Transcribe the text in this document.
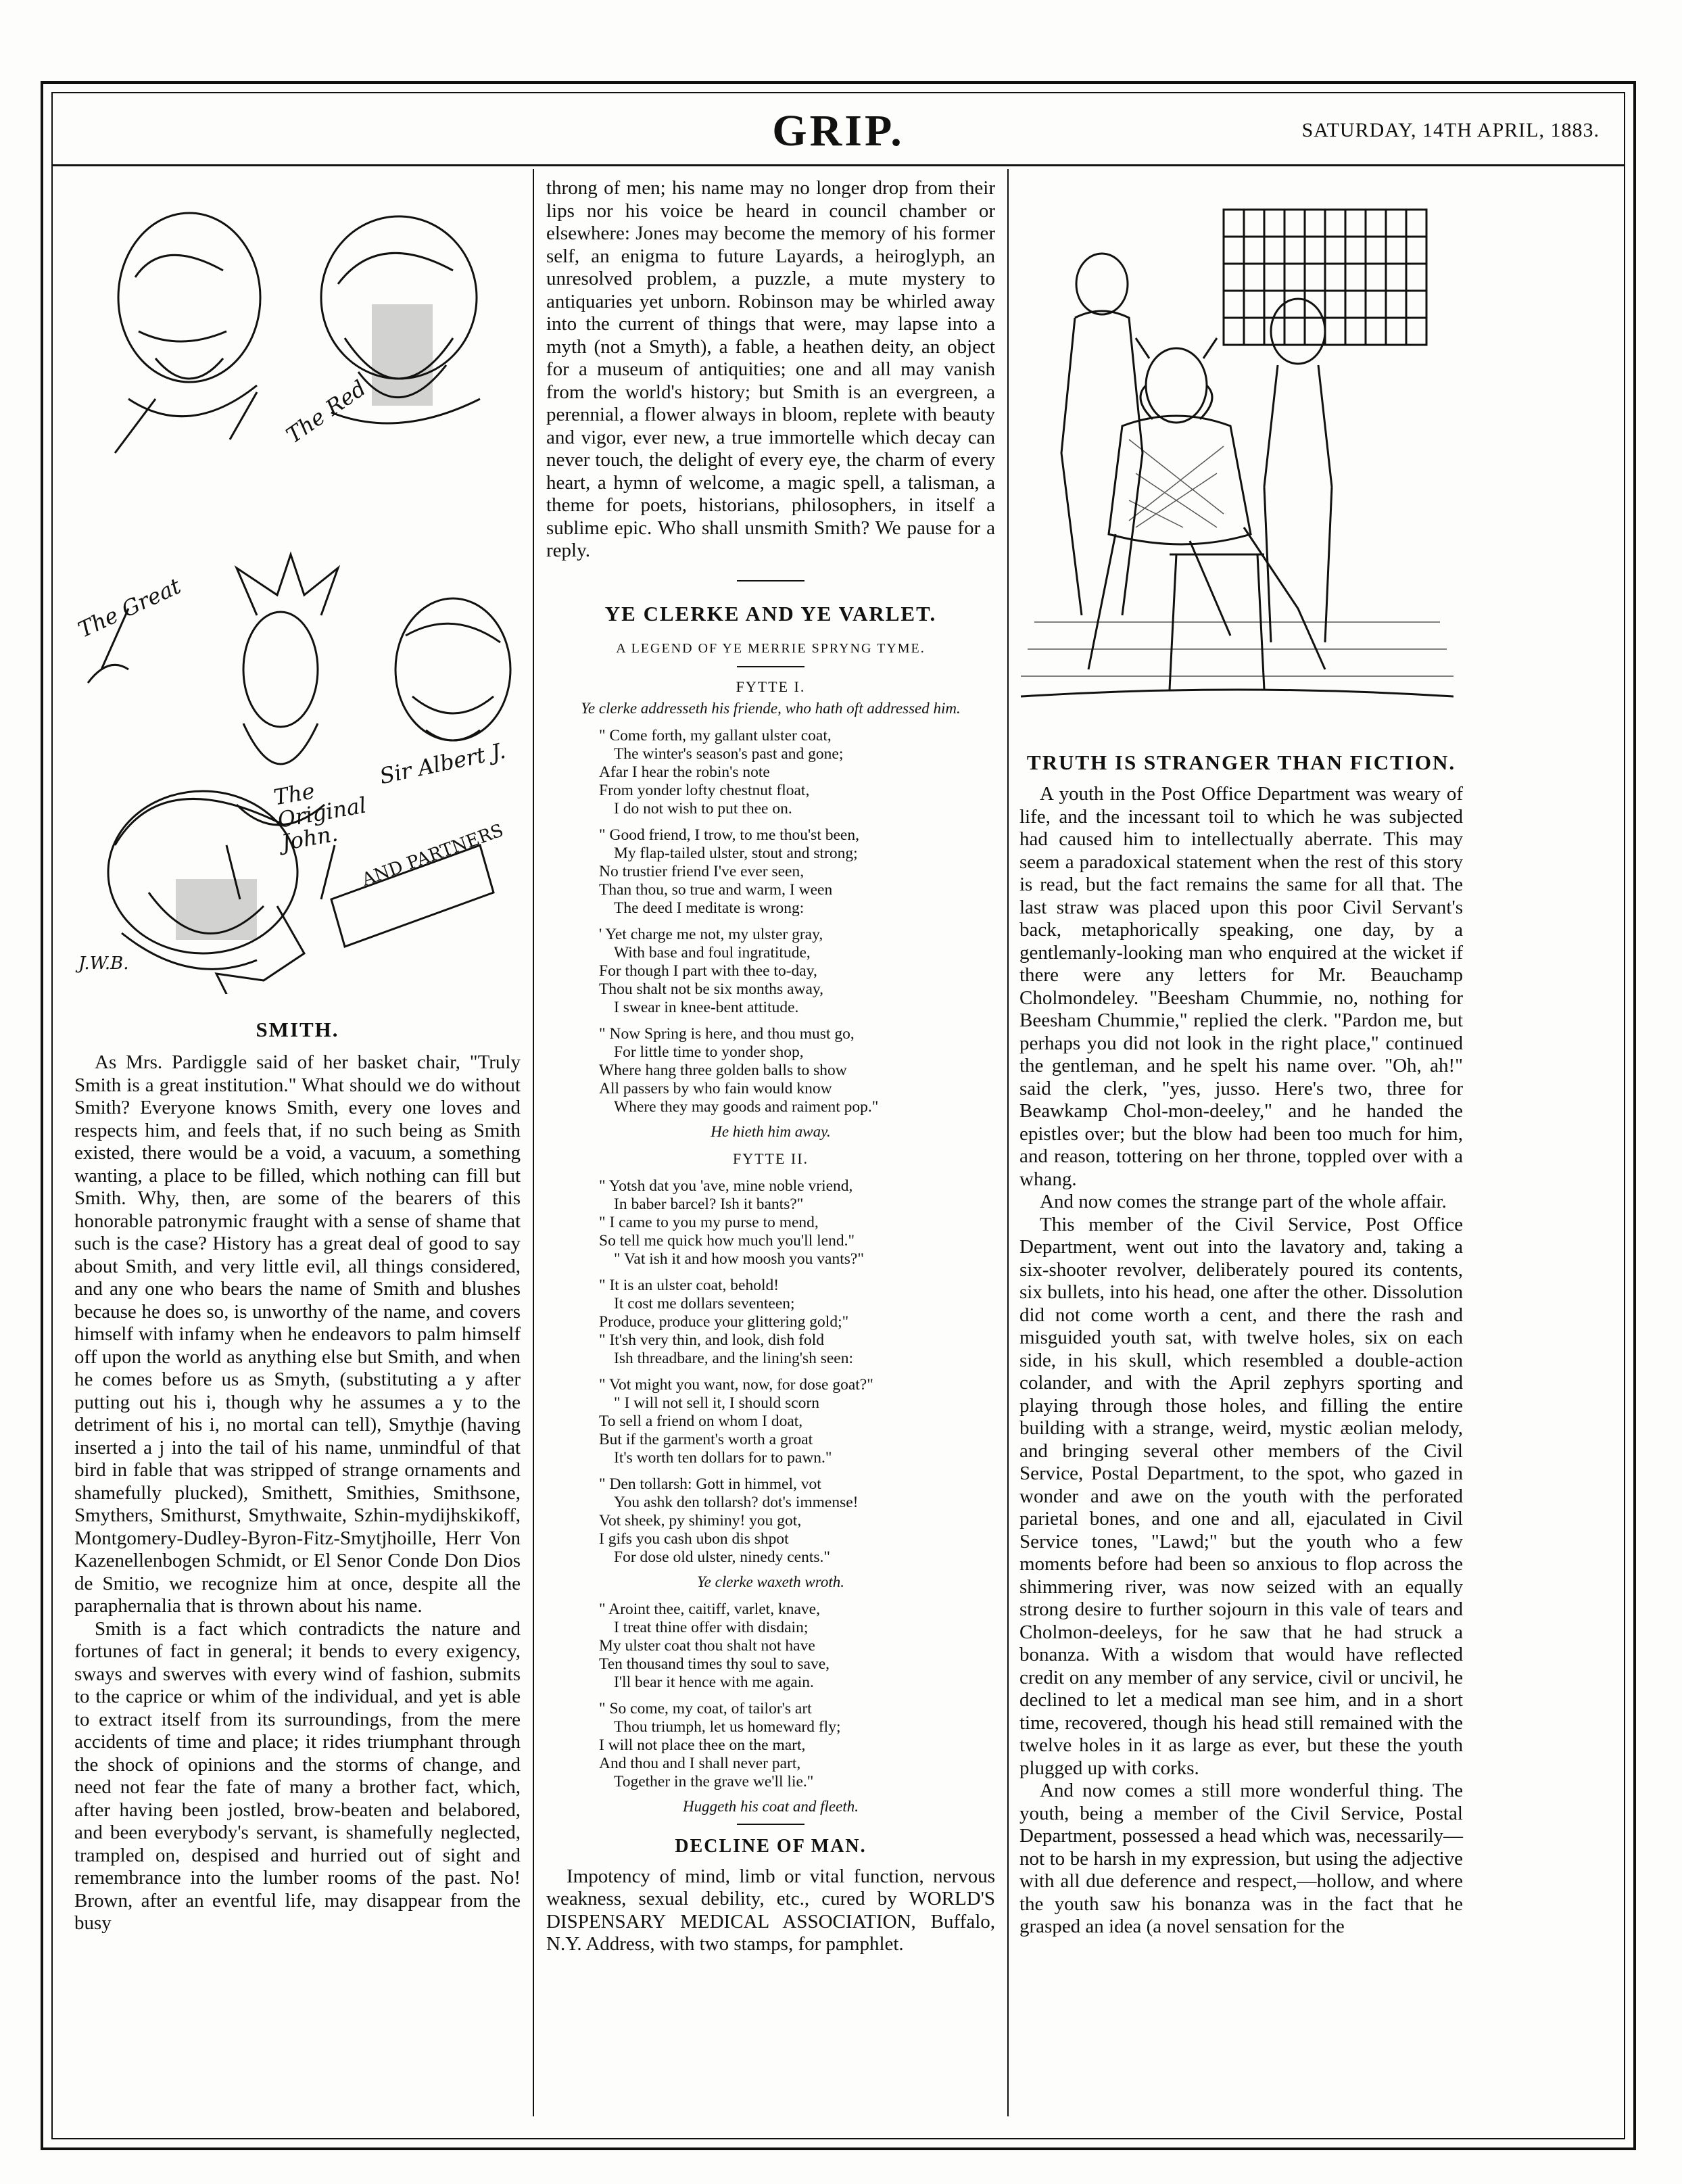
GRIP.	SATURDAY, 14TH APRIL, 1883.
The Red
The Great
The Original John.
Sir Albert J.
AND PARTNERS
J.W.B.
SMITH.

As Mrs. Pardiggle said of her basket chair, "Truly Smith is a great institution." What should we do without Smith? Everyone knows Smith, every one loves and respects him, and feels that, if no such being as Smith existed, there would be a void, a vacuum, a something wanting, a place to be filled, which nothing can fill but Smith. Why, then, are some of the bearers of this honorable patronymic fraught with a sense of shame that such is the case? History has a great deal of good to say about Smith, and very little evil, all things considered, and any one who bears the name of Smith and blushes because he does so, is unworthy of the name, and covers himself with infamy when he endeavors to palm himself off upon the world as anything else but Smith, and when he comes before us as Smyth, (substituting a y after putting out his i, though why he assumes a y to the detriment of his i, no mortal can tell), Smythje (having inserted a j into the tail of his name, unmindful of that bird in fable that was stripped of strange ornaments and shamefully plucked), Smithett, Smithies, Smithsone, Smythers, Smithurst, Smythwaite, Szhin-mydijhskikoff, Montgomery-Dudley-Byron-Fitz-Smytjhoille, Herr Von Kazenellenbogen Schmidt, or El Senor Conde Don Dios de Smitio, we recognize him at once, despite all the paraphernalia that is thrown about his name.

Smith is a fact which contradicts the nature and fortunes of fact in general; it bends to every exigency, sways and swerves with every wind of fashion, submits to the caprice or whim of the individual, and yet is able to extract itself from its surroundings, from the mere accidents of time and place; it rides triumphant through the shock of opinions and the storms of change, and need not fear the fate of many a brother fact, which, after having been jostled, brow-beaten and belabored, and been everybody's servant, is shamefully neglected, trampled on, despised and hurried out of sight and remembrance into the lumber rooms of the past. No! Brown, after an eventful life, may disappear from the busy

throng of men; his name may no longer drop from their lips nor his voice be heard in council chamber or elsewhere: Jones may become the memory of his former self, an enigma to future Layards, a heiroglyph, an unresolved problem, a puzzle, a mute mystery to antiquaries yet unborn. Robinson may be whirled away into the current of things that were, may lapse into a myth (not a Smyth), a fable, a heathen deity, an object for a museum of antiquities; one and all may vanish from the world's history; but Smith is an evergreen, a perennial, a flower always in bloom, replete with beauty and vigor, ever new, a true immortelle which decay can never touch, the delight of every eye, the charm of every heart, a hymn of welcome, a magic spell, a talisman, a theme for poets, historians, philosophers, in itself a sublime epic. Who shall unsmith Smith? We pause for a reply.

YE CLERKE AND YE VARLET.
A LEGEND OF YE MERRIE SPRYNG TYME.
FYTTE I.
Ye clerke addresseth his friende, who hath oft addressed him.
" Come forth, my gallant ulster coat,
The winter's season's past and gone;
Afar I hear the robin's note
From yonder lofty chestnut float,
I do not wish to put thee on.
" Good friend, I trow, to me thou'st been,
My flap-tailed ulster, stout and strong;
No trustier friend I've ever seen,
Than thou, so true and warm, I ween
The deed I meditate is wrong:
' Yet charge me not, my ulster gray,
With base and foul ingratitude,
For though I part with thee to-day,
Thou shalt not be six months away,
I swear in knee-bent attitude.
" Now Spring is here, and thou must go,
For little time to yonder shop,
Where hang three golden balls to show
All passers by who fain would know
Where they may goods and raiment pop."
He hieth him away.
FYTTE II.
" Yotsh dat you 'ave, mine noble vriend,
In baber barcel? Ish it bants?"
" I came to you my purse to mend,
So tell me quick how much you'll lend."
" Vat ish it and how moosh you vants?"
" It is an ulster coat, behold!
It cost me dollars seventeen;
Produce, produce your glittering gold;"
" It'sh very thin, and look, dish fold
Ish threadbare, and the lining'sh seen:
" Vot might you want, now, for dose goat?"
" I will not sell it, I should scorn
To sell a friend on whom I doat,
But if the garment's worth a groat
It's worth ten dollars for to pawn."
" Den tollarsh: Gott in himmel, vot
You ashk den tollarsh? dot's immense!
Vot sheek, py shiminy! you got,
I gifs you cash ubon dis shpot
For dose old ulster, ninedy cents."
Ye clerke waxeth wroth.
" Aroint thee, caitiff, varlet, knave,
I treat thine offer with disdain;
My ulster coat thou shalt not have
Ten thousand times thy soul to save,
I'll bear it hence with me again.
" So come, my coat, of tailor's art
Thou triumph, let us homeward fly;
I will not place thee on the mart,
And thou and I shall never part,
Together in the grave we'll lie."
Huggeth his coat and fleeth.
DECLINE OF MAN.

Impotency of mind, limb or vital function, nervous weakness, sexual debility, etc., cured by WORLD'S DISPENSARY MEDICAL ASSOCIATION, Buffalo, N.Y. Address, with two stamps, for pamphlet.

TRUTH IS STRANGER THAN FICTION.

A youth in the Post Office Department was weary of life, and the incessant toil to which he was subjected had caused him to intellectually aberrate. This may seem a paradoxical statement when the rest of this story is read, but the fact remains the same for all that. The last straw was placed upon this poor Civil Servant's back, metaphorically speaking, one day, by a gentlemanly-looking man who enquired at the wicket if there were any letters for Mr. Beauchamp Cholmondeley. "Beesham Chummie, no, nothing for Beesham Chummie," replied the clerk. "Pardon me, but perhaps you did not look in the right place," continued the gentleman, and he spelt his name over. "Oh, ah!" said the clerk, "yes, jusso. Here's two, three for Beawkamp Chol-mon-deeley," and he handed the epistles over; but the blow had been too much for him, and reason, tottering on her throne, toppled over with a whang.

And now comes the strange part of the whole affair.

This member of the Civil Service, Post Office Department, went out into the lavatory and, taking a six-shooter revolver, deliberately poured its contents, six bullets, into his head, one after the other. Dissolution did not come worth a cent, and there the rash and misguided youth sat, with twelve holes, six on each side, in his skull, which resembled a double-action colander, and with the April zephyrs sporting and playing through those holes, and filling the entire building with a strange, weird, mystic æolian melody, and bringing several other members of the Civil Service, Postal Department, to the spot, who gazed in wonder and awe on the youth with the perforated parietal bones, and one and all, ejaculated in Civil Service tones, "Lawd;" but the youth who a few moments before had been so anxious to flop across the shimmering river, was now seized with an equally strong desire to further sojourn in this vale of tears and Cholmon-deeleys, for he saw that he had struck a bonanza. With a wisdom that would have reflected credit on any member of any service, civil or uncivil, he declined to let a medical man see him, and in a short time, recovered, though his head still remained with the twelve holes in it as large as ever, but these the youth plugged up with corks.

And now comes a still more wonderful thing. The youth, being a member of the Civil Service, Postal Department, possessed a head which was, necessarily—not to be harsh in my expression, but using the adjective with all due deference and respect,—hollow, and where the youth saw his bonanza was in the fact that he grasped an idea (a novel sensation for the
